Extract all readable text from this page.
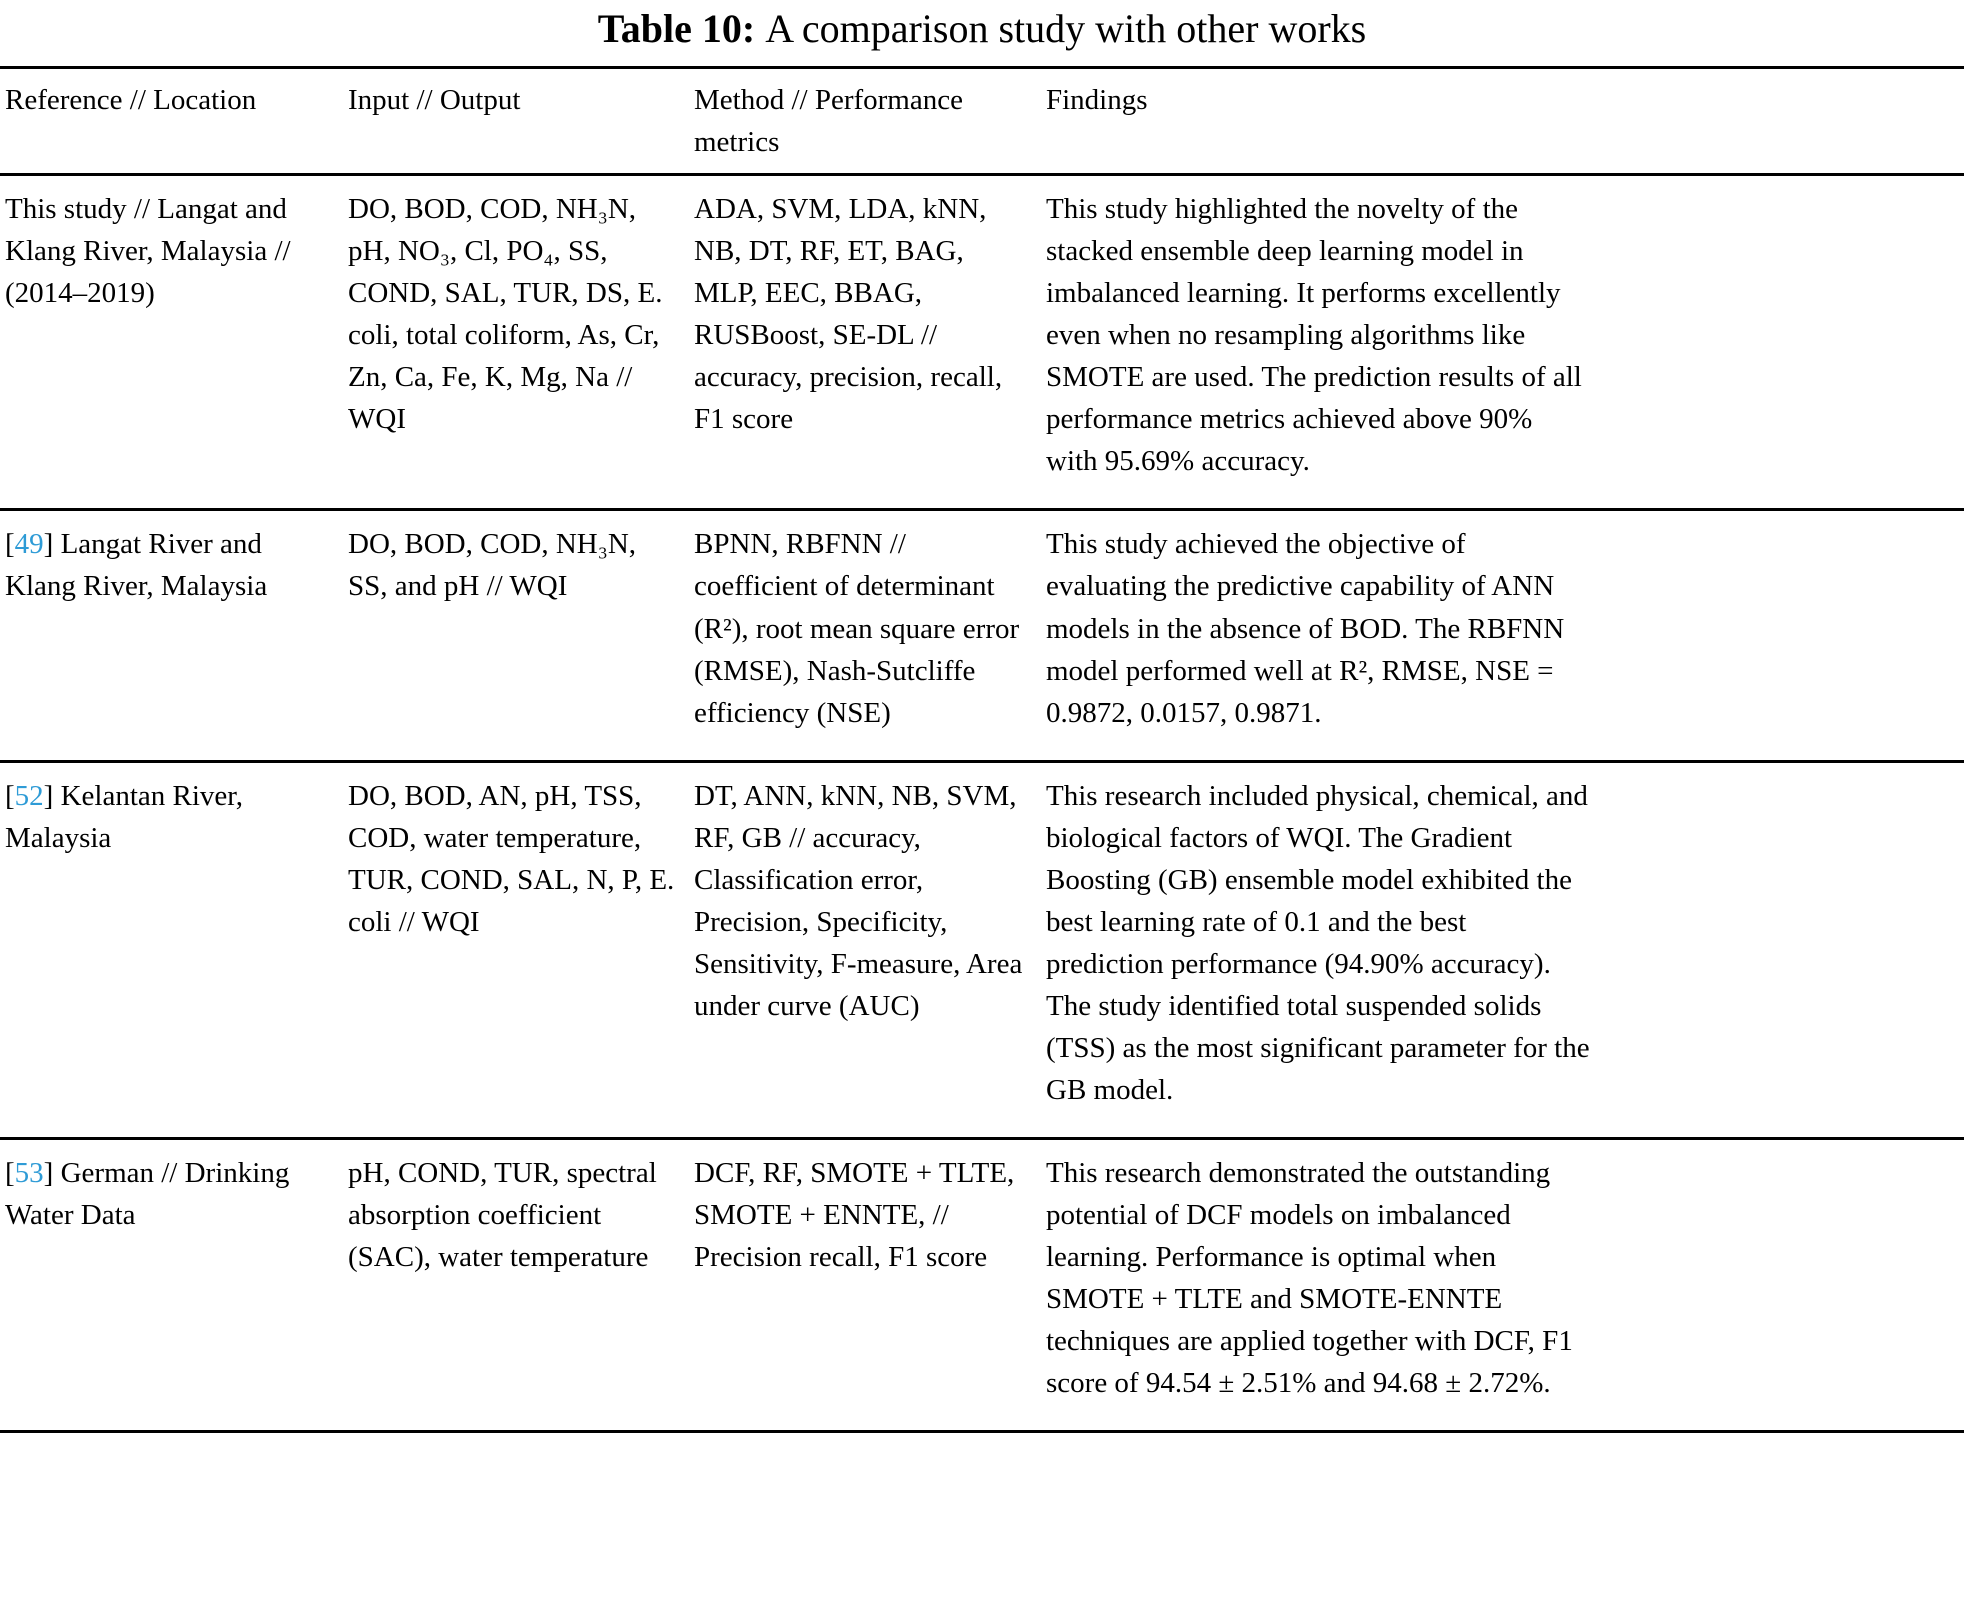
Table 10: A comparison study with other works
Reference // Location	Input // Output	Method // Performance metrics
Findings
This study // Langat and Klang River, Malaysia // (2014–2019)
DO, BOD, COD, NH₃N, pH, NO₃, Cl, PO₄, SS, COND, SAL, TUR, DS, E. coli, total coliform, As, Cr, Zn, Ca, Fe, K, Mg, Na // WQI
ADA, SVM, LDA, kNN, NB, DT, RF, ET, BAG, MLP, EEC, BBAG, RUSBoost, SE-DL // accuracy, precision, recall, F1 score
This study highlighted the novelty of the stacked ensemble deep learning model in imbalanced learning. It performs excellently even when no resampling algorithms like SMOTE are used. The prediction results of all performance metrics achieved above 90% with 95.69% accuracy.
[49] Langat River and Klang River, Malaysia
DO, BOD, COD, NH₃N, SS, and pH // WQI
BPNN, RBFNN // coefficient of determinant (R²), root mean square error (RMSE), Nash-Sutcliffe efficiency (NSE)
This study achieved the objective of evaluating the predictive capability of ANN models in the absence of BOD. The RBFNN model performed well at R², RMSE, NSE = 0.9872, 0.0157, 0.9871.
[52] Kelantan River, Malaysia
DO, BOD, AN, pH, TSS, COD, water temperature, TUR, COND, SAL, N, P, E. coli // WQI
DT, ANN, kNN, NB, SVM, RF, GB // accuracy, Classification error, Precision, Specificity, Sensitivity, F-measure, Area under curve (AUC)
This research included physical, chemical, and biological factors of WQI. The Gradient Boosting (GB) ensemble model exhibited the best learning rate of 0.1 and the best prediction performance (94.90% accuracy). The study identified total suspended solids (TSS) as the most significant parameter for the GB model.
[53] German // Drinking Water Data
pH, COND, TUR, spectral absorption coefficient (SAC), water temperature
DCF, RF, SMOTE + TLTE, SMOTE + ENNTE, // Precision recall, F1 score
This research demonstrated the outstanding potential of DCF models on imbalanced learning. Performance is optimal when SMOTE + TLTE and SMOTE-ENNTE techniques are applied together with DCF, F1 score of 94.54 ± 2.51% and 94.68 ± 2.72%.
